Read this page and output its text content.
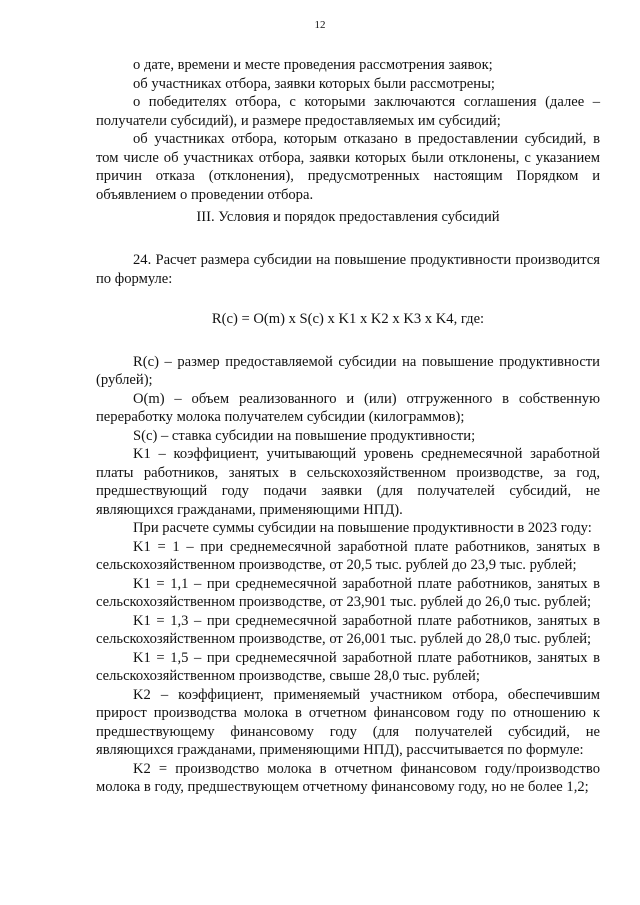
12

о дате, времени и месте проведения рассмотрения заявок;

об участниках отбора, заявки которых были рассмотрены;

о победителях отбора, с которыми заключаются соглашения (далее – получатели субсидий), и размере предоставляемых им субсидий;

об участниках отбора, которым отказано в предоставлении субсидий, в том числе об участниках отбора, заявки которых были отклонены, с указанием причин отказа (отклонения), предусмотренных настоящим Порядком и объявлением о проведении отбора.

III. Условия и порядок предоставления субсидий

24. Расчет размера субсидии на повышение продуктивности производится по формуле:

R(c) = O(m) x S(c) x K1 x K2 x K3 x K4, где:

R(c) – размер предоставляемой субсидии на повышение продуктивности (рублей);

O(m) – объем реализованного и (или) отгруженного в собственную переработку молока получателем субсидии (килограммов);

S(c) – ставка субсидии на повышение продуктивности;

K1 – коэффициент, учитывающий уровень среднемесячной заработной платы работников, занятых в сельскохозяйственном производстве, за год, предшествующий году подачи заявки (для получателей субсидий, не являющихся гражданами, применяющими НПД).

При расчете суммы субсидии на повышение продуктивности в 2023 году:

K1 = 1 – при среднемесячной заработной плате работников, занятых в сельскохозяйственном производстве, от 20,5 тыс. рублей до 23,9 тыс. рублей;

K1 = 1,1 – при среднемесячной заработной плате работников, занятых в сельскохозяйственном производстве, от 23,901 тыс. рублей до 26,0 тыс. рублей;

K1 = 1,3 – при среднемесячной заработной плате работников, занятых в сельскохозяйственном производстве, от 26,001 тыс. рублей до 28,0 тыс. рублей;

K1 = 1,5 – при среднемесячной заработной плате работников, занятых в сельскохозяйственном производстве, свыше 28,0 тыс. рублей;

K2 – коэффициент, применяемый участником отбора, обеспечившим прирост производства молока в отчетном финансовом году по отношению к предшествующему финансовому году (для получателей субсидий, не являющихся гражданами, применяющими НПД), рассчитывается по формуле:

K2 = производство молока в отчетном финансовом году/производство молока в году, предшествующем отчетному финансовому году, но не более 1,2;
